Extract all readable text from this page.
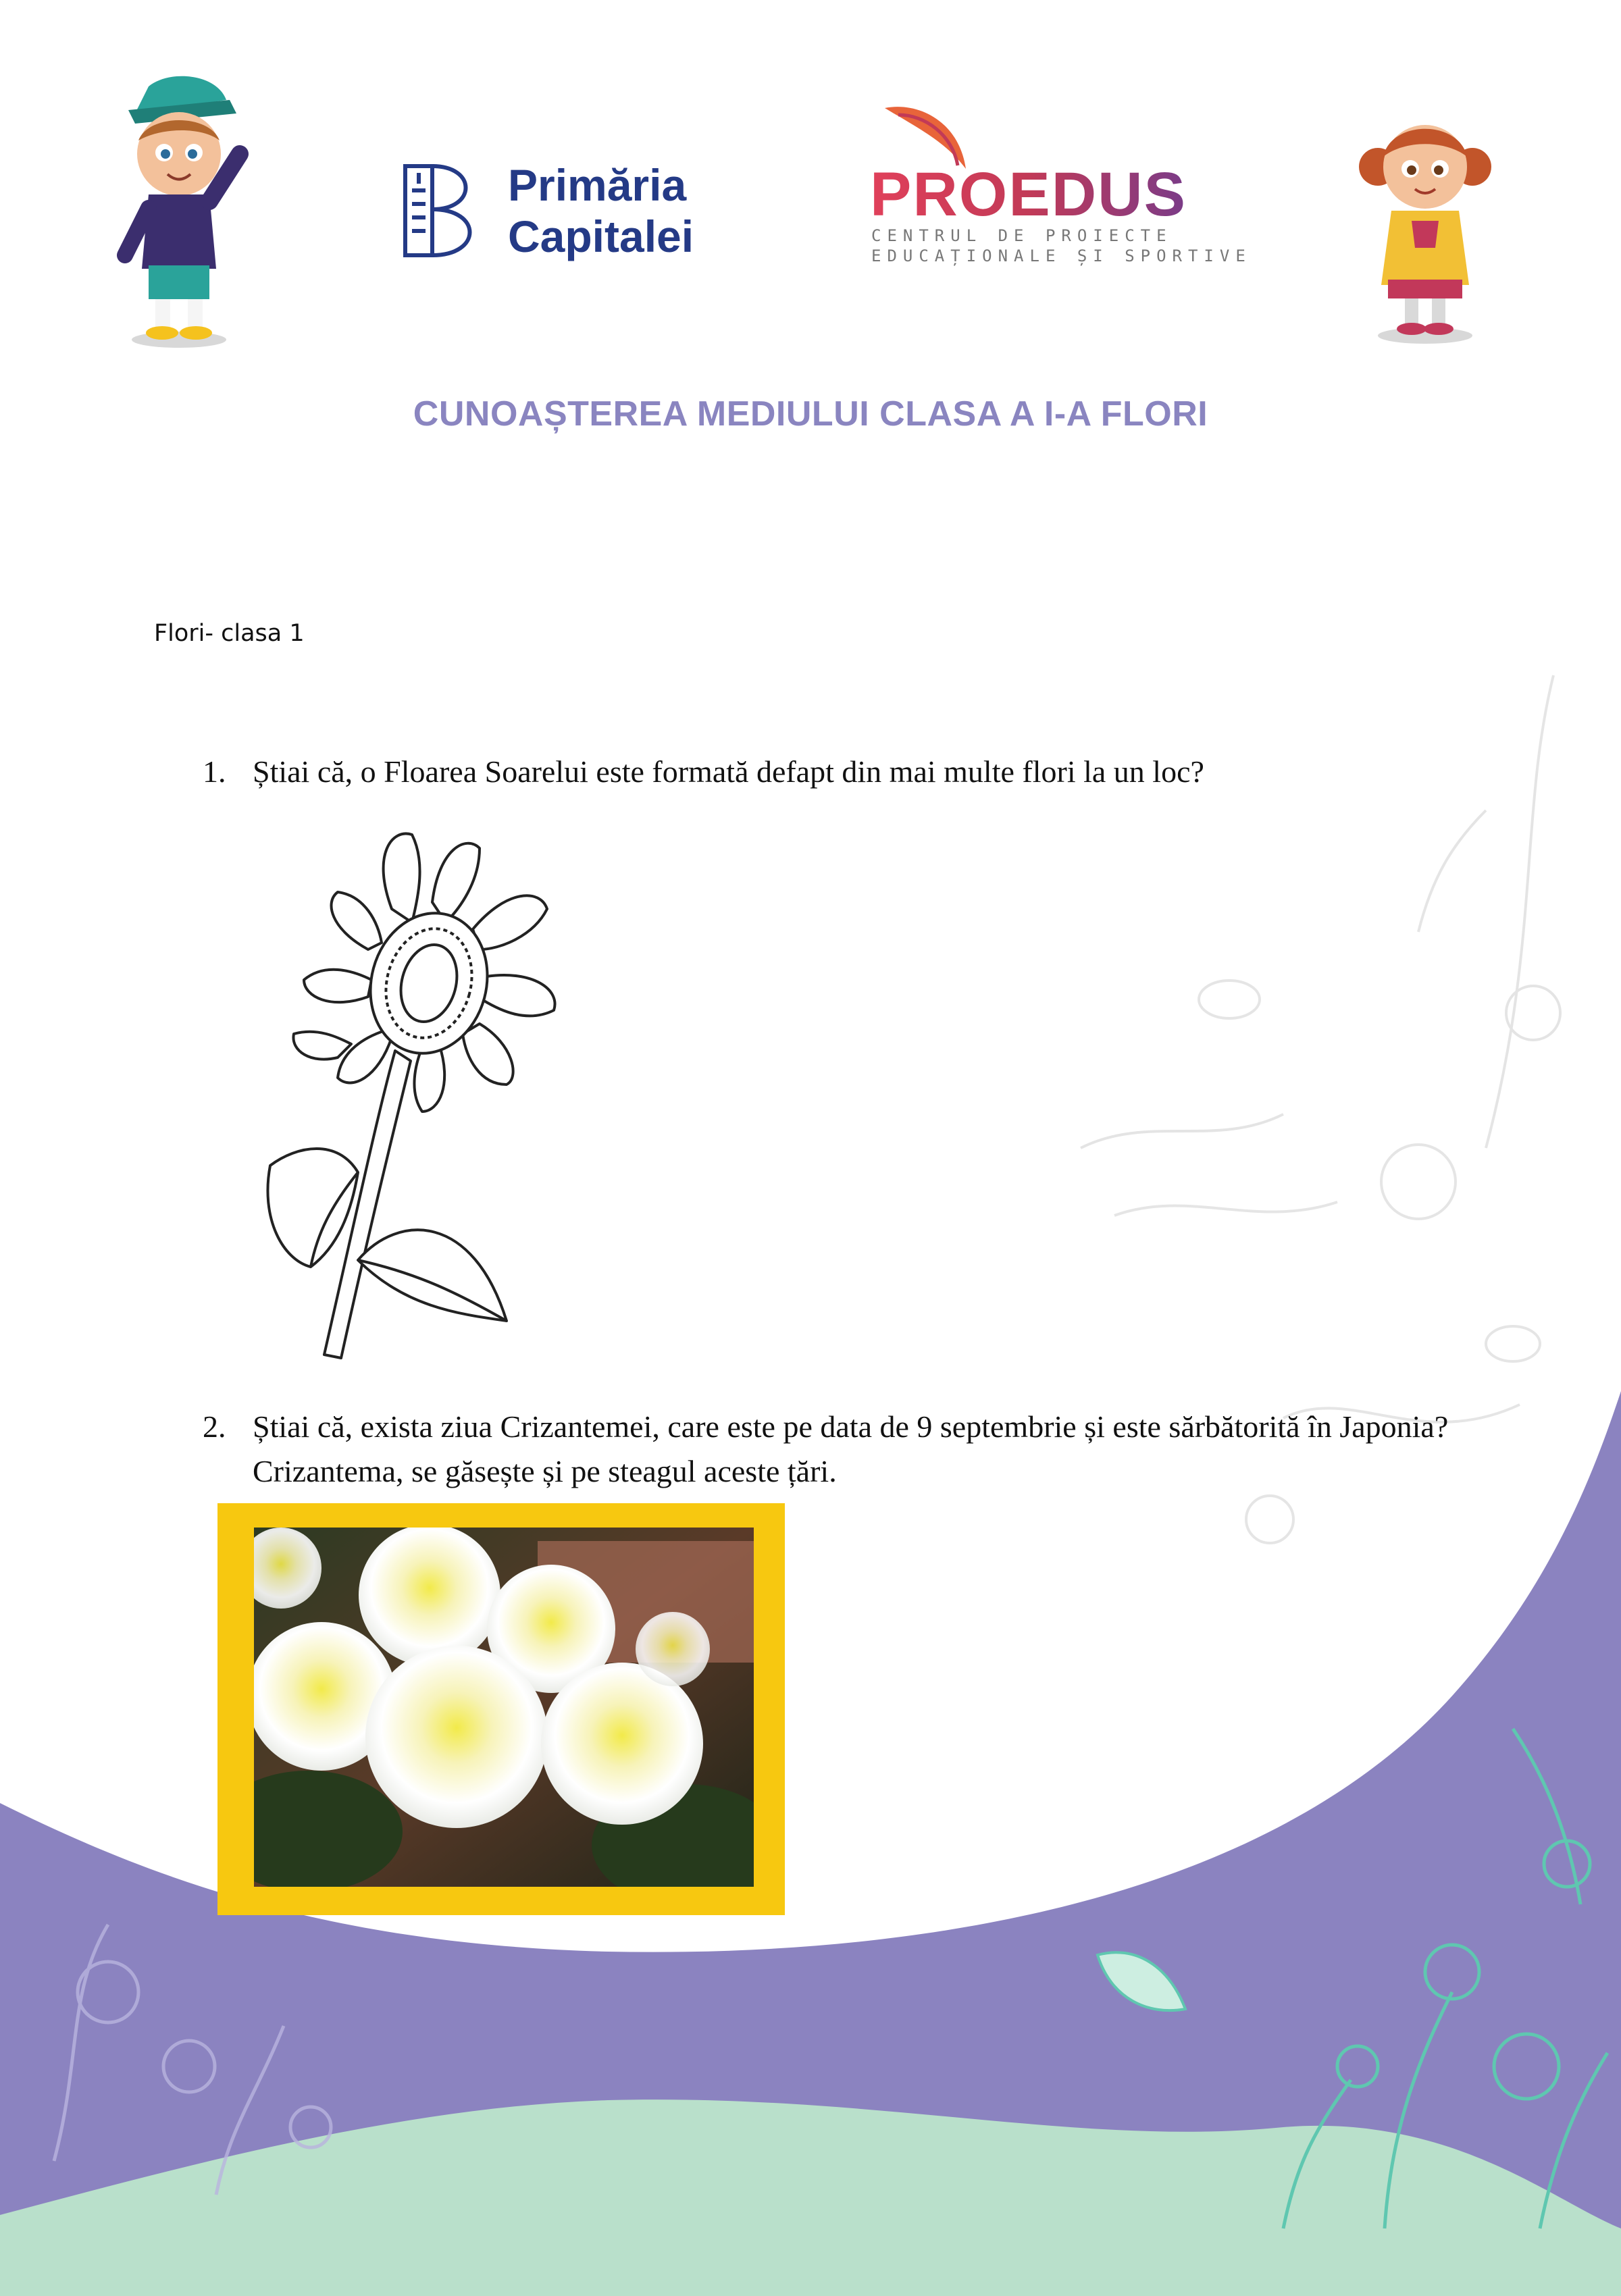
Primăria
Capitalei
PROEDUS
CENTRUL DE PROIECTE
EDUCAȚIONALE ȘI SPORTIVE
CUNOAȘTEREA MEDIULUI CLASA A I-A FLORI
Flori- clasa 1
1. Știai că, o Floarea Soarelui este formată defapt din mai multe flori la un loc?
2. Știai că, exista ziua Crizantemei, care este pe data de 9 septembrie și este sărbătorită în Japonia? Crizantema, se găsește și pe steagul aceste țări.
